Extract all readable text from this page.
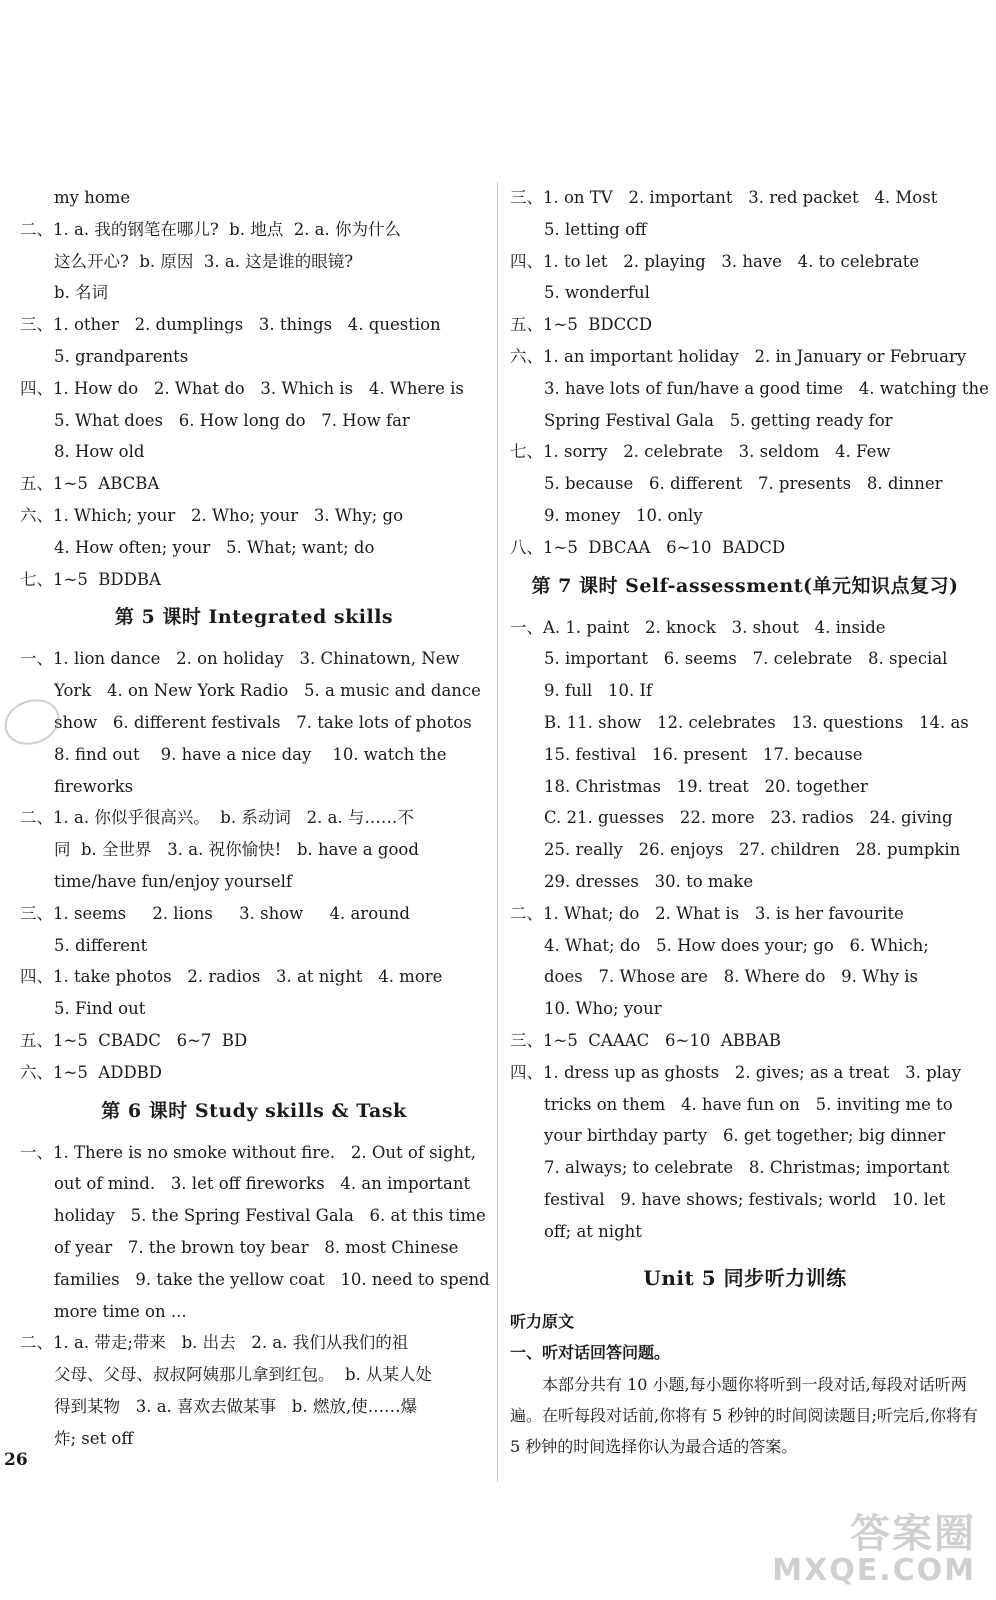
my home
二、1. a. 我的钢笔在哪儿?  b. 地点  2. a. 你为什么
这么开心?  b. 原因  3. a. 这是谁的眼镜?
b. 名词
三、1. other   2. dumplings   3. things   4. question
5. grandparents
四、1. How do   2. What do   3. Which is   4. Where is
5. What does   6. How long do   7. How far
8. How old
五、1~5  ABCBA
六、1. Which; your   2. Who; your   3. Why; go
4. How often; your   5. What; want; do
七、1~5  BDDBA
第 5 课时 Integrated skills
一、1. lion dance   2. on holiday   3. Chinatown, New
York   4. on New York Radio   5. a music and dance
show   6. different festivals   7. take lots of photos
8. find out    9. have a nice day    10. watch the
fireworks
二、1. a. 你似乎很高兴。  b. 系动词   2. a. 与……不
同  b. 全世界   3. a. 祝你愉快!   b. have a good
time/have fun/enjoy yourself
三、1. seems     2. lions     3. show     4. around
5. different
四、1. take photos   2. radios   3. at night   4. more
5. Find out
五、1~5  CBADC   6~7  BD
六、1~5  ADDBD
第 6 课时 Study skills & Task
一、1. There is no smoke without fire.   2. Out of sight,
out of mind.   3. let off fireworks   4. an important
holiday   5. the Spring Festival Gala   6. at this time
of year   7. the brown toy bear   8. most Chinese
families   9. take the yellow coat   10. need to spend
more time on ...
二、1. a. 带走;带来   b. 出去   2. a. 我们从我们的祖
父母、父母、叔叔阿姨那儿拿到红包。  b. 从某人处
得到某物   3. a. 喜欢去做某事   b. 燃放,使……爆
炸; set off
三、1. on TV   2. important   3. red packet   4. Most
5. letting off
四、1. to let   2. playing   3. have   4. to celebrate
5. wonderful
五、1~5  BDCCD
六、1. an important holiday   2. in January or February
3. have lots of fun/have a good time   4. watching the
Spring Festival Gala   5. getting ready for
七、1. sorry   2. celebrate   3. seldom   4. Few
5. because   6. different   7. presents   8. dinner
9. money   10. only
八、1~5  DBCAA   6~10  BADCD
第 7 课时 Self-assessment(单元知识点复习)
一、A. 1. paint   2. knock   3. shout   4. inside
5. important   6. seems   7. celebrate   8. special
9. full   10. If
B. 11. show   12. celebrates   13. questions   14. as
15. festival   16. present   17. because
18. Christmas   19. treat   20. together
C. 21. guesses   22. more   23. radios   24. giving
25. really   26. enjoys   27. children   28. pumpkin
29. dresses   30. to make
二、1. What; do   2. What is   3. is her favourite
4. What; do   5. How does your; go   6. Which;
does   7. Whose are   8. Where do   9. Why is
10. Who; your
三、1~5  CAAAC   6~10  ABBAB
四、1. dress up as ghosts   2. gives; as a treat   3. play
tricks on them   4. have fun on   5. inviting me to
your birthday party   6. get together; big dinner
7. always; to celebrate   8. Christmas; important
festival   9. have shows; festivals; world   10. let
off; at night
Unit 5 同步听力训练
听力原文
一、听对话回答问题。
本部分共有 10 小题,每小题你将听到一段对话,每段对话听两遍。在听每段对话前,你将有 5 秒钟的时间阅读题目;听完后,你将有 5 秒钟的时间选择你认为最合适的答案。
26
答案圈
MXQE.COM
